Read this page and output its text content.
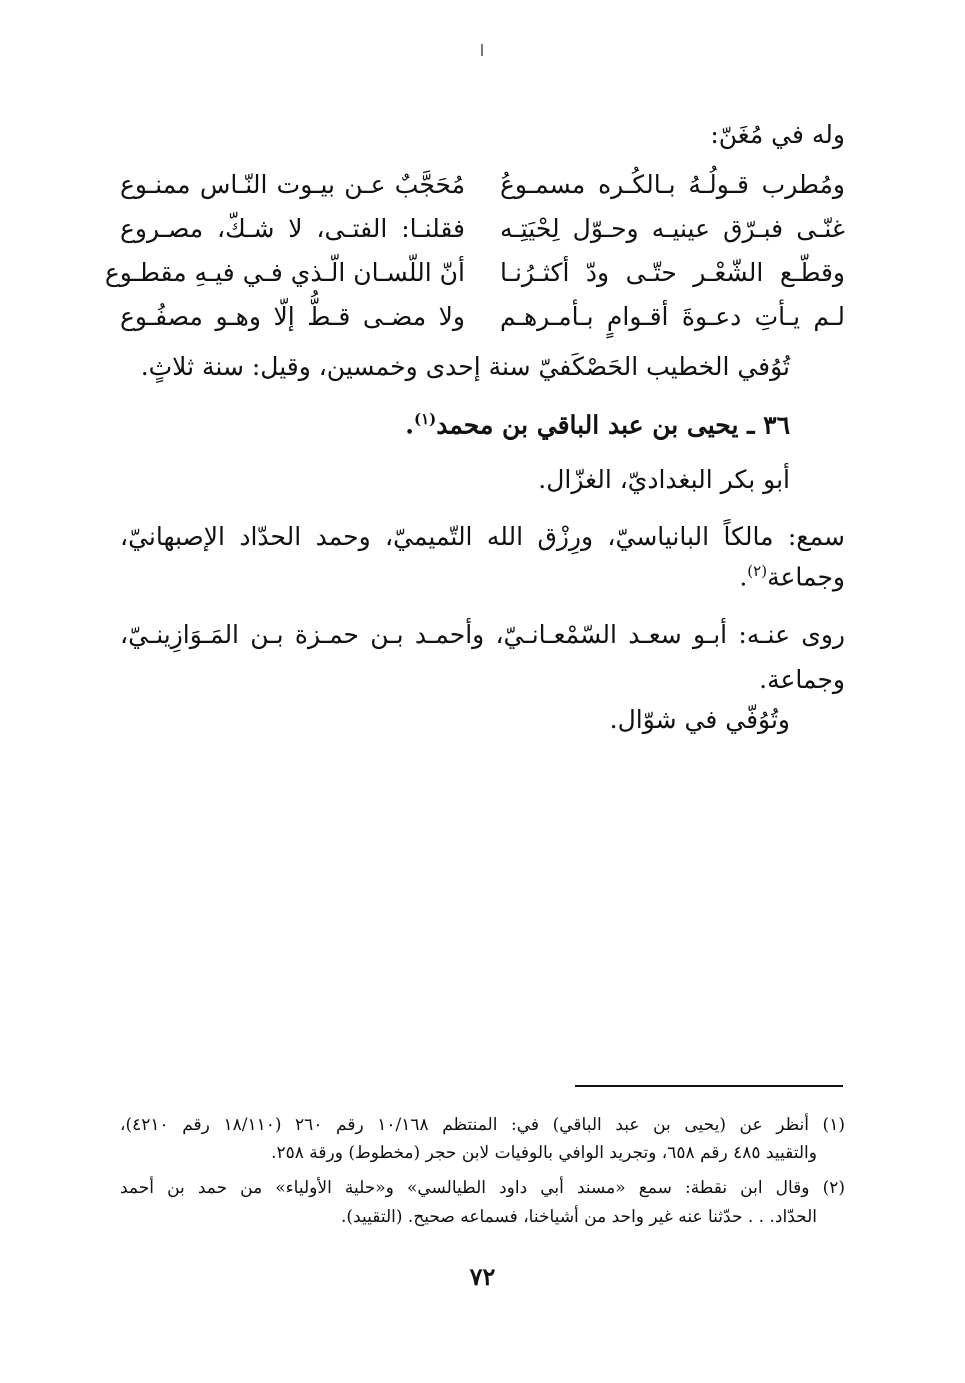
وله في مُغَنّ:
ومُطرب قـولُـهُ بـالكُـره مسمـوعُ
مُحَجَّبٌ عـن بيـوت النّـاس ممنـوع
غنّـى فبـرّق عينيـه وحـوّل لِحْيَتِـه
فقلنـا: الفتـى، لا شـكّ، مصـروع
وقطّـع الشّعْـر حتّـى ودّ أكثـرُنـا
أنّ اللّسـان الّـذي فـي فيـهِ مقطـوع
لـم يـأتِ دعـوةَ أقـوامٍ بـأمـرهـم
ولا مضـى قـطُّ إلّا وهـو مصفُـوع
تُوُفي الخطيب الحَصْكَفيّ سنة إحدى وخمسين، وقيل: سنة ثلاثٍ.
٣٦ ـ يحيى بن عبد الباقي بن محمد$^{(١)}$.
أبو بكر البغداديّ، الغزّال.
سمع: مالكاً البانياسيّ، ورِزْق الله التّميميّ، وحمد الحدّاد الإصبهانيّ،
وجماعة$^{(٢)}$.
روى عنـه: أبـو سعـد السّمْعـانـيّ، وأحمـد بـن حمـزة بـن المَـوَازِينـيّ،
وجماعة.
وتُوُفّي في شوّال.
(١) أنظر عن (يحيى بن عبد الباقي) في: المنتظم ١٠/١٦٨ رقم ٢٦٠ (١٨/١١٠ رقم ٤٢١٠)،
والتقييد ٤٨٥ رقم ٦٥٨، وتجريد الوافي بالوفيات لابن حجر (مخطوط) ورقة ٢٥٨.
(٢) وقال ابن نقطة: سمع «مسند أبي داود الطيالسي» و«حلية الأولياء» من حمد بن أحمد
الحدّاد. . . حدّثنا عنه غير واحد من أشياخنا، فسماعه صحيح. (التقييد).
٧٢
